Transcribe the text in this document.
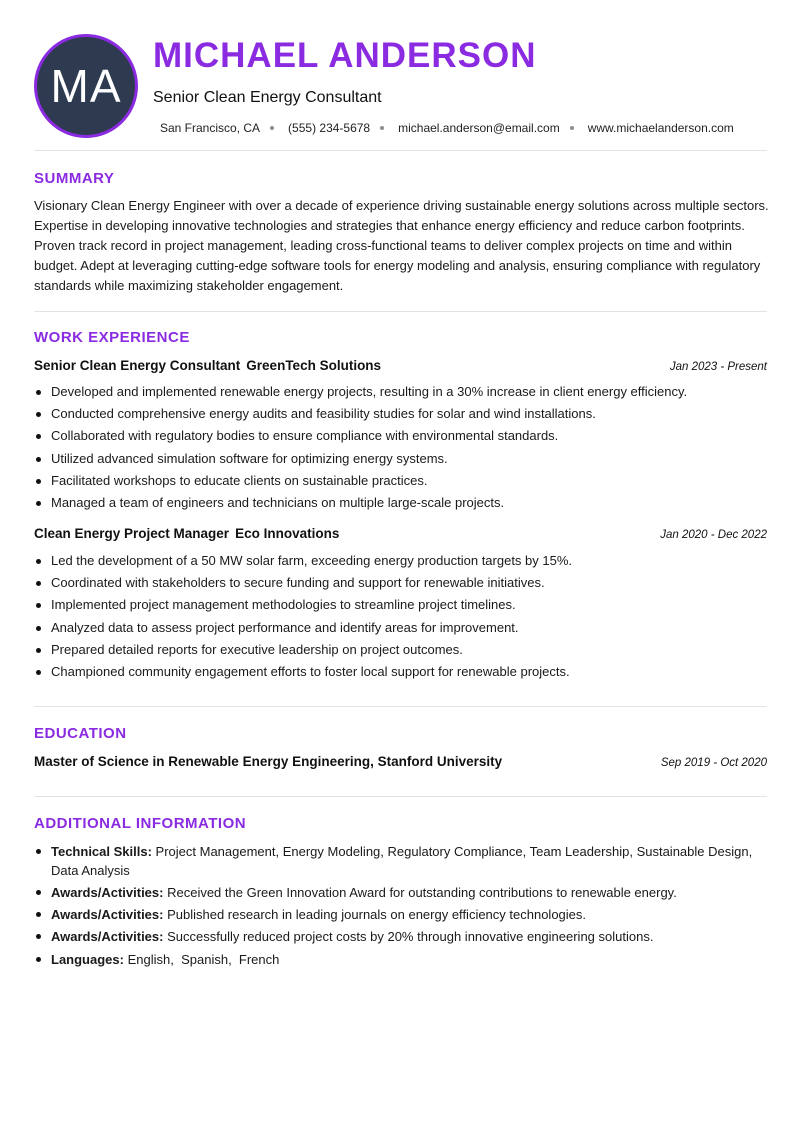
MA
MICHAEL ANDERSON
Senior Clean Energy Consultant
San Francisco, CA (555) 234-5678 michael.anderson@email.com www.michaelanderson.com
SUMMARY
Visionary Clean Energy Engineer with over a decade of experience driving sustainable energy solutions across multiple sectors. Expertise in developing innovative technologies and strategies that enhance energy efficiency and reduce carbon footprints. Proven track record in project management, leading cross-functional teams to deliver complex projects on time and within budget. Adept at leveraging cutting-edge software tools for energy modeling and analysis, ensuring compliance with regulatory standards while maximizing stakeholder engagement.
WORK EXPERIENCE
Senior Clean Energy Consultant GreenTech Solutions	Jan 2023 - Present
Developed and implemented renewable energy projects, resulting in a 30% increase in client energy efficiency.
Conducted comprehensive energy audits and feasibility studies for solar and wind installations.
Collaborated with regulatory bodies to ensure compliance with environmental standards.
Utilized advanced simulation software for optimizing energy systems.
Facilitated workshops to educate clients on sustainable practices.
Managed a team of engineers and technicians on multiple large-scale projects.
Clean Energy Project Manager Eco Innovations	Jan 2020 - Dec 2022
Led the development of a 50 MW solar farm, exceeding energy production targets by 15%.
Coordinated with stakeholders to secure funding and support for renewable initiatives.
Implemented project management methodologies to streamline project timelines.
Analyzed data to assess project performance and identify areas for improvement.
Prepared detailed reports for executive leadership on project outcomes.
Championed community engagement efforts to foster local support for renewable projects.
EDUCATION
Master of Science in Renewable Energy Engineering, Stanford University	Sep 2019 - Oct 2020
ADDITIONAL INFORMATION
Technical Skills: Project Management, Energy Modeling, Regulatory Compliance, Team Leadership, Sustainable Design, Data Analysis
Awards/Activities: Received the Green Innovation Award for outstanding contributions to renewable energy.
Awards/Activities: Published research in leading journals on energy efficiency technologies.
Awards/Activities: Successfully reduced project costs by 20% through innovative engineering solutions.
Languages: English , Spanish , French
